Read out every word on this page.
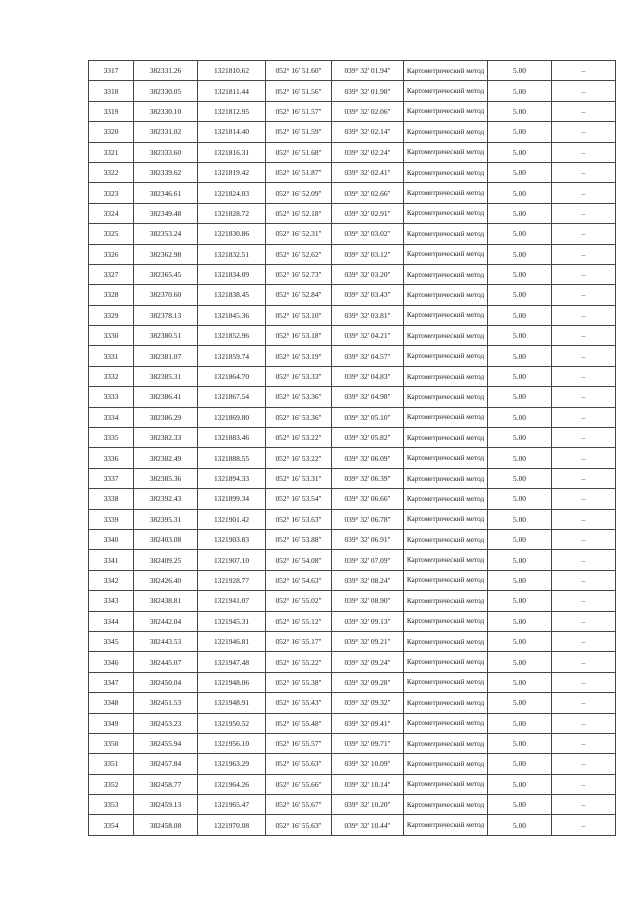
3317	382331.26	1321810.62	052° 16' 51.60"	039° 32' 01.94"	Картометрический метод	5.00	–
3318	382330.05	1321811.44	052° 16' 51.56"	039° 32' 01.98"	Картометрический метод	5.00	–
3319	382330.10	1321812.95	052° 16' 51.57"	039° 32' 02.06"	Картометрический метод	5.00	–
3320	382331.02	1321814.40	052° 16' 51.59"	039° 32' 02.14"	Картометрический метод	5.00	–
3321	382333.60	1321816.31	052° 16' 51.68"	039° 32' 02.24"	Картометрический метод	5.00	–
3322	382339.62	1321819.42	052° 16' 51.87"	039° 32' 02.41"	Картометрический метод	5.00	–
3323	382346.61	1321824.03	052° 16' 52.09"	039° 32' 02.66"	Картометрический метод	5.00	–
3324	382349.48	1321828.72	052° 16' 52.18"	039° 32' 02.91"	Картометрический метод	5.00	–
3325	382353.24	1321830.86	052° 16' 52.31"	039° 32' 03.02"	Картометрический метод	5.00	–
3326	382362.98	1321832.51	052° 16' 52.62"	039° 32' 03.12"	Картометрический метод	5.00	–
3327	382365.45	1321834.09	052° 16' 52.73"	039° 32' 03.20"	Картометрический метод	5.00	–
3328	382370.60	1321838.45	052° 16' 52.84"	039° 32' 03.43"	Картометрический метод	5.00	–
3329	382378.13	1321845.36	052° 16' 53.10"	039° 32' 03.81"	Картометрический метод	5.00	–
3330	382380.51	1321852.96	052° 16' 53.18"	039° 32' 04.21"	Картометрический метод	5.00	–
3331	382381.07	1321859.74	052° 16' 53.19"	039° 32' 04.57"	Картометрический метод	5.00	–
3332	382385.31	1321864.70	052° 16' 53.33"	039° 32' 04.83"	Картометрический метод	5.00	–
3333	382386.41	1321867.54	052° 16' 53.36"	039° 32' 04.98"	Картометрический метод	5.00	–
3334	382386.29	1321869.80	052° 16' 53.36"	039° 32' 05.10"	Картометрический метод	5.00	–
3335	382382.33	1321883.46	052° 16' 53.22"	039° 32' 05.82"	Картометрический метод	5.00	–
3336	382382.49	1321888.55	052° 16' 53.22"	039° 32' 06.09"	Картометрический метод	5.00	–
3337	382385.36	1321894.33	052° 16' 53.31"	039° 32' 06.39"	Картометрический метод	5.00	–
3338	382392.43	1321899.34	052° 16' 53.54"	039° 32' 06.66"	Картометрический метод	5.00	–
3339	382395.31	1321901.42	052° 16' 53.63"	039° 32' 06.78"	Картометрический метод	5.00	–
3340	382403.08	1321903.83	052° 16' 53.88"	039° 32' 06.91"	Картометрический метод	5.00	–
3341	382409.25	1321907.10	052° 16' 54.08"	039° 32' 07.09"	Картометрический метод	5.00	–
3342	382426.40	1321928.77	052° 16' 54.63"	039° 32' 08.24"	Картометрический метод	5.00	–
3343	382438.81	1321941.07	052° 16' 55.02"	039° 32' 08.90"	Картометрический метод	5.00	–
3344	382442.04	1321945.31	052° 16' 55.12"	039° 32' 09.13"	Картометрический метод	5.00	–
3345	382443.53	1321946.81	052° 16' 55.17"	039° 32' 09.21"	Картометрический метод	5.00	–
3346	382445.07	1321947.48	052° 16' 55.22"	039° 32' 09.24"	Картометрический метод	5.00	–
3347	382450.04	1321948.06	052° 16' 55.38"	039° 32' 09.28"	Картометрический метод	5.00	–
3348	382451.53	1321948.91	052° 16' 55.43"	039° 32' 09.32"	Картометрический метод	5.00	–
3349	382453.23	1321950.52	052° 16' 55.48"	039° 32' 09.41"	Картометрический метод	5.00	–
3350	382455.94	1321956.10	052° 16' 55.57"	039° 32' 09.71"	Картометрический метод	5.00	–
3351	382457.84	1321963.29	052° 16' 55.63"	039° 32' 10.09"	Картометрический метод	5.00	–
3352	382458.77	1321964.26	052° 16' 55.66"	039° 32' 10.14"	Картометрический метод	5.00	–
3353	382459.13	1321965.47	052° 16' 55.67"	039° 32' 10.20"	Картометрический метод	5.00	–
3354	382458.08	1321970.08	052° 16' 55.63"	039° 32' 10.44"	Картометрический метод	5.00	–
